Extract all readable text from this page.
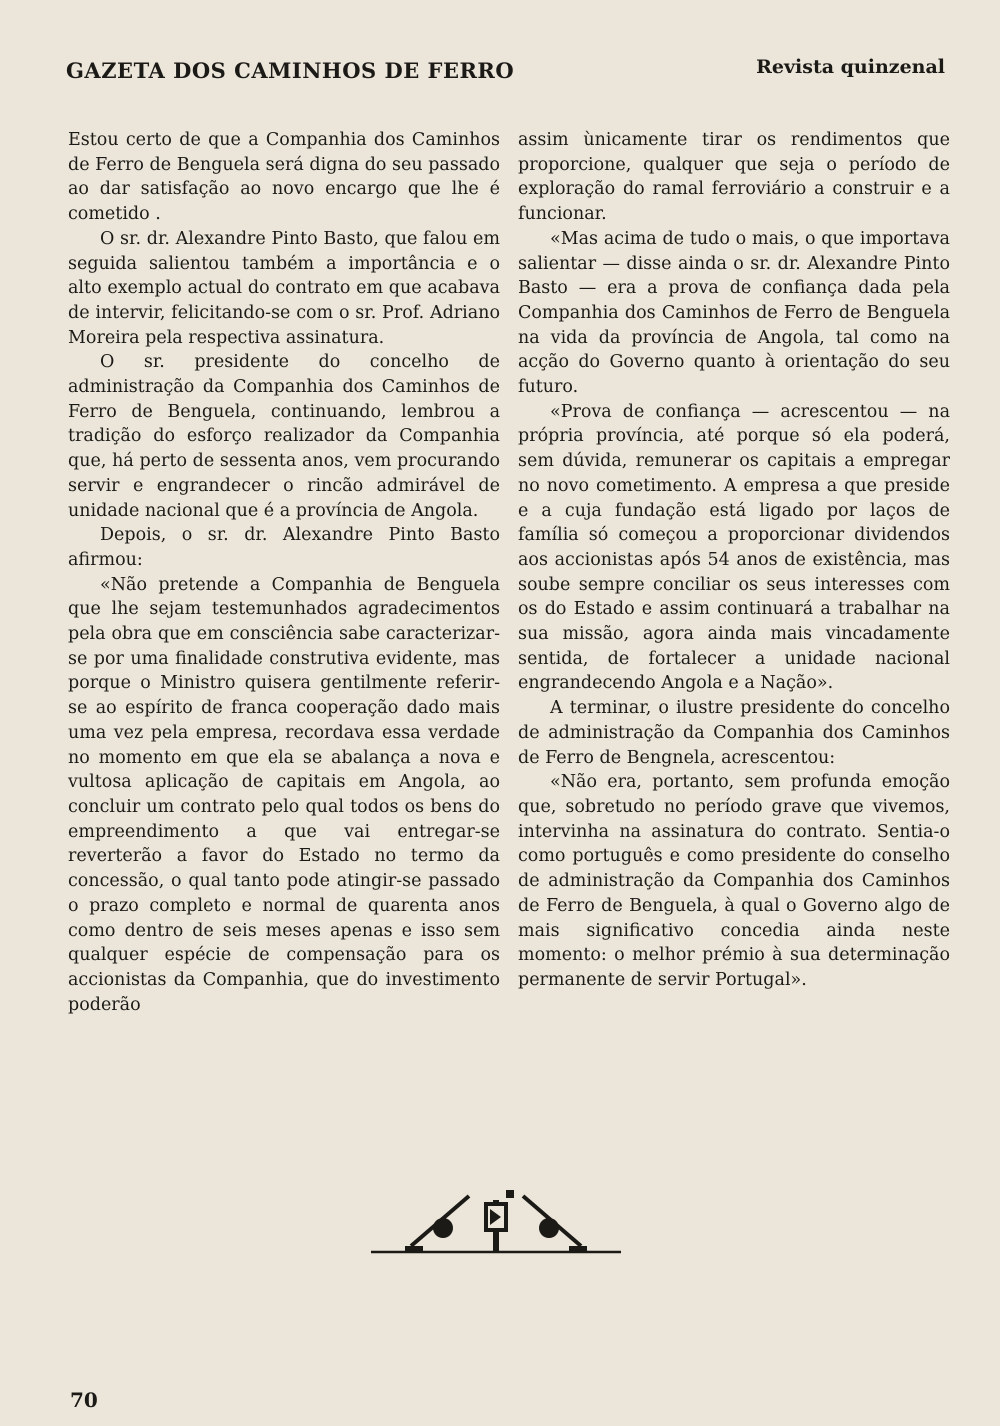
GAZETA DOS CAMINHOS DE FERRO	Revista quinzenal

Estou certo de que a Companhia dos Caminhos de Ferro de Benguela será digna do seu passado ao dar satisfação ao novo encargo que lhe é cometido .

O sr. dr. Alexandre Pinto Basto, que falou em seguida salientou também a importância e o alto exemplo actual do contrato em que acabava de intervir, felicitando-se com o sr. Prof. Adriano Moreira pela respectiva assinatura.

O sr. presidente do concelho de administração da Companhia dos Caminhos de Ferro de Benguela, continuando, lembrou a tradição do esforço realizador da Companhia que, há perto de sessenta anos, vem procurando servir e engrandecer o rincão admirável de unidade nacional que é a província de Angola.

Depois, o sr. dr. Alexandre Pinto Basto afirmou:

«Não pretende a Companhia de Benguela que lhe sejam testemunhados agradecimentos pela obra que em consciência sabe caracterizar-se por uma finalidade construtiva evidente, mas porque o Ministro quisera gentilmente referir-se ao espírito de franca cooperação dado mais uma vez pela empresa, recordava essa verdade no momento em que ela se abalança a nova e vultosa aplicação de capitais em Angola, ao concluir um contrato pelo qual todos os bens do empreendimento a que vai entregar-se reverterão a favor do Estado no termo da concessão, o qual tanto pode atingir-se passado o prazo completo e normal de quarenta anos como dentro de seis meses apenas e isso sem qualquer espécie de compensação para os accionistas da Companhia, que do investimento poderão

assim ùnicamente tirar os rendimentos que proporcione, qualquer que seja o período de exploração do ramal ferroviário a construir e a funcionar.

«Mas acima de tudo o mais, o que importava salientar — disse ainda o sr. dr. Alexandre Pinto Basto — era a prova de confiança dada pela Companhia dos Caminhos de Ferro de Benguela na vida da província de Angola, tal como na acção do Governo quanto à orientação do seu futuro.

«Prova de confiança — acrescentou — na própria província, até porque só ela poderá, sem dúvida, remunerar os capitais a empregar no novo cometimento. A empresa a que preside e a cuja fundação está ligado por laços de família só começou a proporcionar dividendos aos accionistas após 54 anos de existência, mas soube sempre conciliar os seus interesses com os do Estado e assim continuará a trabalhar na sua missão, agora ainda mais vincadamente sentida, de fortalecer a unidade nacional engrandecendo Angola e a Nação».

A terminar, o ilustre presidente do concelho de administração da Companhia dos Caminhos de Ferro de Bengnela, acrescentou:

«Não era, portanto, sem profunda emoção que, sobretudo no período grave que vivemos, intervinha na assinatura do contrato. Sentia-o como português e como presidente do conselho de administração da Companhia dos Caminhos de Ferro de Benguela, à qual o Governo algo de mais significativo concedia ainda neste momento: o melhor prémio à sua determinação permanente de servir Portugal».

70
